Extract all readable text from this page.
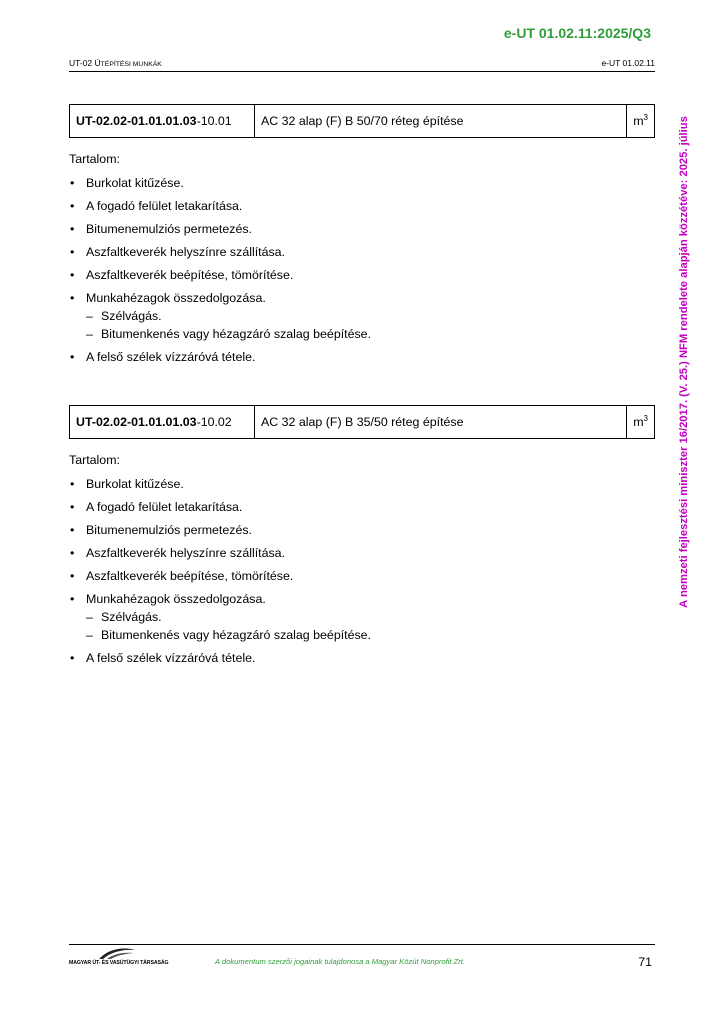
e-UT 01.02.11:2025/Q3
UT-02 ÚTÉPÍTÉSI MUNKÁK	e-UT 01.02.11
A nemzeti fejlesztési miniszter 16/2017. (V. 25.) NFM rendelete alapján közzétéve: 2025. július
UT-02.02-01.01.01.03-10.01	AC 32 alap (F) B 50/70 réteg építése	$m^3$
Tartalom:
• Burkolat kitűzése.
• A fogadó felület letakarítása.
• Bitumenemulziós permetezés.
• Aszfaltkeverék helyszínre szállítása.
• Aszfaltkeverék beépítése, tömörítése.
• Munkahézagok összedolgozása.
– Szélvágás.
– Bitumenkenés vagy hézagzáró szalag beépítése.
• A felső szélek vízzáróvá tétele.
UT-02.02-01.01.01.03-10.02	AC 32 alap (F) B 35/50 réteg építése	$m^3$
Tartalom:
• Burkolat kitűzése.
• A fogadó felület letakarítása.
• Bitumenemulziós permetezés.
• Aszfaltkeverék helyszínre szállítása.
• Aszfaltkeverék beépítése, tömörítése.
• Munkahézagok összedolgozása.
– Szélvágás.
– Bitumenkenés vagy hézagzáró szalag beépítése.
• A felső szélek vízzáróvá tétele.
MAGYAR ÚT- ÉS VASÚTÜGYI TÁRSASÁG	A dokumentum szerzői jogainak tulajdonosa a Magyar Közút Nonprofit Zrt.	71
